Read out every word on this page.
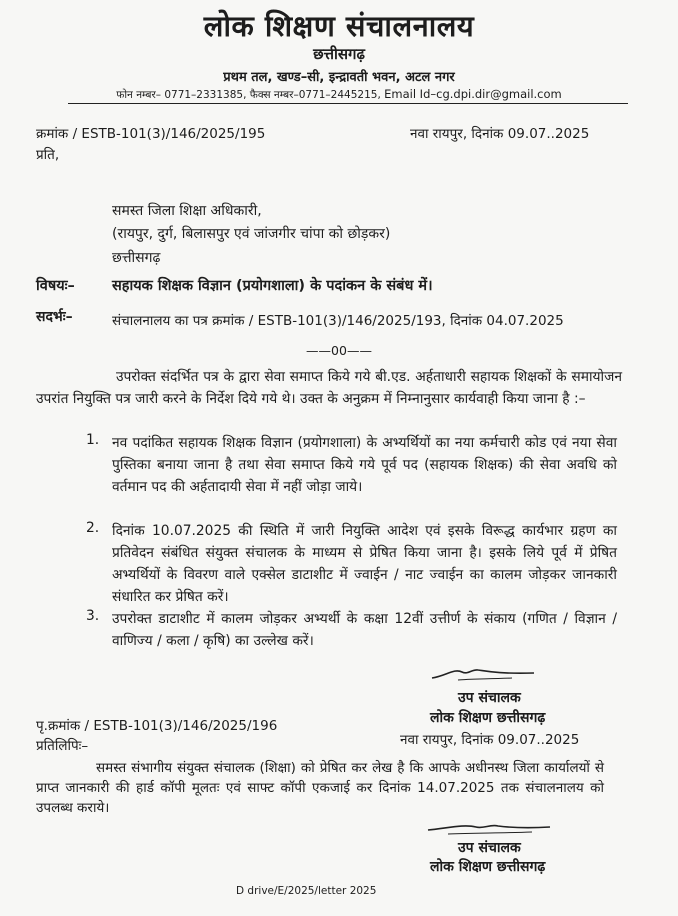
लोक शिक्षण संचालनालय
छत्तीसगढ़
प्रथम तल, खण्ड–सी, इन्द्रावती भवन, अटल नगर
फोन नम्बर– 0771–2331385, फैक्स नम्बर–0771–2445215, Email Id–cg.dpi.dir@gmail.com
क्रमांक / ESTB-101(3)/146/2025/195	नवा रायपुर, दिनांक 09.07..2025
प्रति,
समस्त जिला शिक्षा अधिकारी,
(रायपुर, दुर्ग, बिलासपुर एवं जांजगीर चांपा को छोड़कर)
छत्तीसगढ़
विषयः–	सहायक शिक्षक विज्ञान (प्रयोगशाला) के पदांकन के संबंध में।
सदर्भः–	संचालनालय का पत्र क्रमांक / ESTB-101(3)/146/2025/193, दिनांक 04.07.2025
——00——
उपरोक्त संदर्भित पत्र के द्वारा सेवा समाप्त किये गये बी.एड. अर्हताधारी सहायक शिक्षकों के समायोजन उपरांत नियुक्ति पत्र जारी करने के निर्देश दिये गये थे। उक्त के अनुक्रम में निम्नानुसार कार्यवाही किया जाना है :–
1. नव पदांकित सहायक शिक्षक विज्ञान (प्रयोगशाला) के अभ्यर्थियों का नया कर्मचारी कोड एवं नया सेवा पुस्तिका बनाया जाना है तथा सेवा समाप्त किये गये पूर्व पद (सहायक शिक्षक) की सेवा अवधि को वर्तमान पद की अर्हतादायी सेवा में नहीं जोड़ा जाये।
2. दिनांक 10.07.2025 की स्थिति में जारी नियुक्ति आदेश एवं इसके विरूद्ध कार्यभार ग्रहण का प्रतिवेदन संबंधित संयुक्त संचालक के माध्यम से प्रेषित किया जाना है। इसके लिये पूर्व में प्रेषित अभ्यर्थियों के विवरण वाले एक्सेल डाटाशीट में ज्वाईन / नाट ज्वाईन का कालम जोड़कर जानकारी संधारित कर प्रेषित करें।
3. उपरोक्त डाटाशीट में कालम जोड़कर अभ्यर्थी के कक्षा 12वीं उत्तीर्ण के संकाय (गणित / विज्ञान / वाणिज्य / कला / कृषि) का उल्लेख करें।
उप संचालक
लोक शिक्षण छत्तीसगढ़
पृ.क्रमांक / ESTB-101(3)/146/2025/196
प्रतिलिपिः–	नवा रायपुर, दिनांक 09.07..2025
समस्त संभागीय संयुक्त संचालक (शिक्षा) को प्रेषित कर लेख है कि आपके अधीनस्थ जिला कार्यालयों से प्राप्त जानकारी की हार्ड कॉपी मूलतः एवं साफ्ट कॉपी एकजाई कर दिनांक 14.07.2025 तक संचालनालय को उपलब्ध कराये।
उप संचालक
लोक शिक्षण छत्तीसगढ़
D drive/E/2025/letter 2025
